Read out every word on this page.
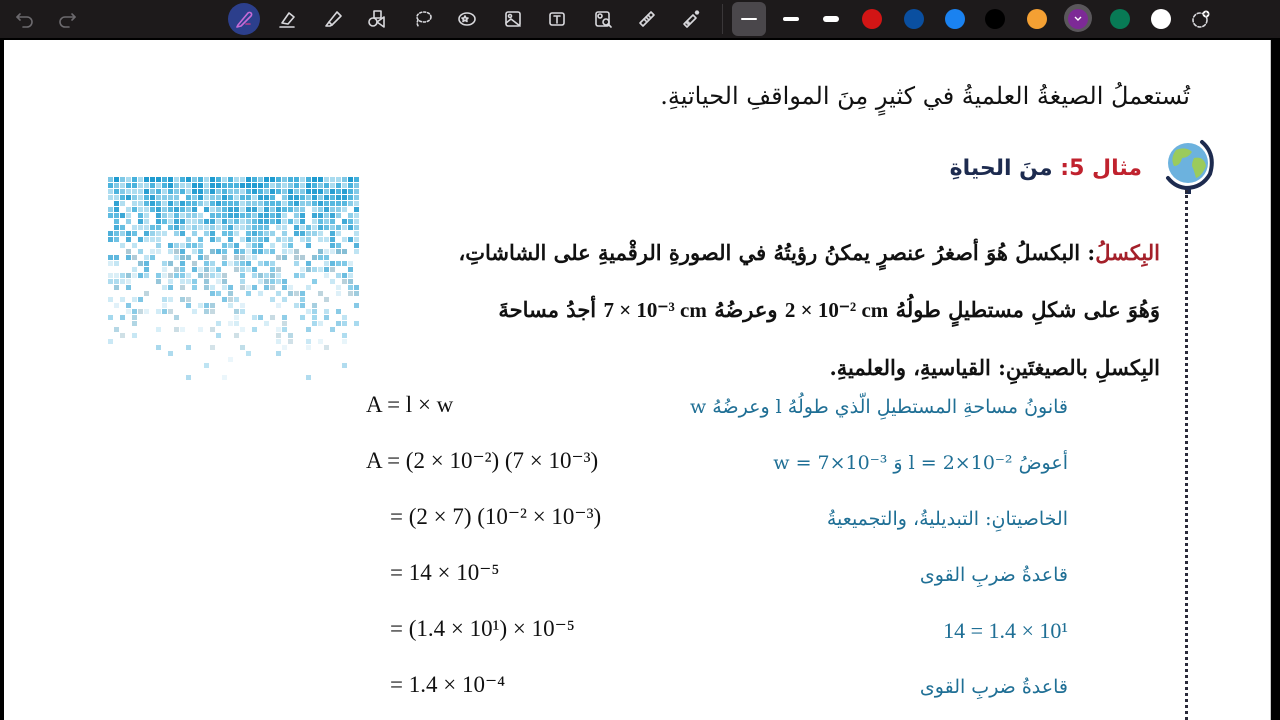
تُستعملُ الصيغةُ العلميةُ في كثيرٍ مِنَ المواقفِ الحياتيةِ.
مثال 5: منَ الحياةِ
البِكسلُ: البكسلُ هُوَ أصغرُ عنصرٍ يمكنُ رؤيتُهُ في الصورةِ الرقْميةِ على الشاشاتِ،
وَهُوَ على شكلِ مستطيلٍ طولُهُ 2 × 10⁻² cm وعرضُهُ 7 × 10⁻³ cm أجدُ مساحةَ
البِكسلِ بالصيغتَينِ: القياسيةِ، والعلميةِ.
A = l × w	قانونُ مساحةِ المستطيلِ الّذي طولُهُ l وعرضُهُ w
A = (2 × 10⁻²) (7 × 10⁻³)	أعوضُ l = 2×10⁻² وَ w = 7×10⁻³
= (2 × 7) (10⁻² × 10⁻³)	الخاصيتانِ: التبديليةُ، والتجميعيةُ
= 14 × 10⁻⁵	قاعدةُ ضربِ القوى
= (1.4 × 10¹) × 10⁻⁵	14 = 1.4 × 10¹
= 1.4 × 10⁻⁴	قاعدةُ ضربِ القوى
